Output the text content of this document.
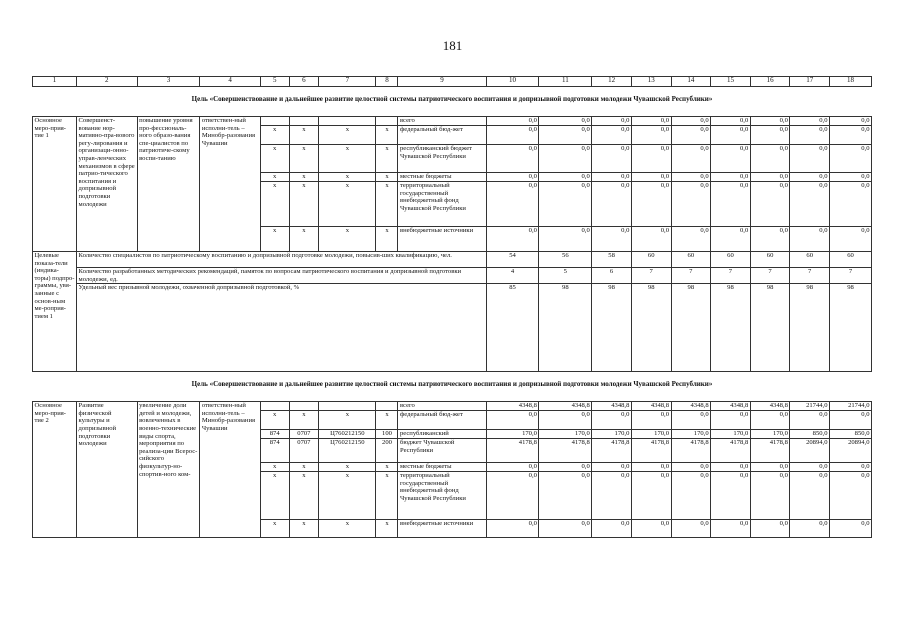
181
1	2	3	4	5	6	7	8	9	10	11	12	13	14	15	16	17	18
Цель «Совершенствование и дальнейшее развитие целостной системы патриотического воспитания и допризывной подготовки молодежи Чувашской Республики»																	
Основное меро-прия-тие 1	Совершенст-вование нор-мативно-пра-вового регу-лирования и организаци-онно-управ-ленческих механизмов в сфере патрио-тического воспитания и допризывной подготовки молодежи	повышение уровня про-фессиональ-ного образо-вания спе-циалистов по патриотиче-скому воспи-танию	ответствен-ный исполни-тель – Минобр-разования Чувашии					всего	0,0	0,0	0,0	0,0	0,0	0,0	0,0	0,0	0,0
				x	x	x	x	федеральный бюд-жет	0,0	0,0	0,0	0,0	0,0	0,0	0,0	0,0	0,0
				x	x	x	x	республиканский бюджет Чувашской Республики	0,0	0,0	0,0	0,0	0,0	0,0	0,0	0,0	0,0
				x	x	x	x	местные бюджеты	0,0	0,0	0,0	0,0	0,0	0,0	0,0	0,0	0,0
				x	x	x	x	территориальный государственный внебюджетный фонд Чувашской Республики	0,0	0,0	0,0	0,0	0,0	0,0	0,0	0,0	0,0
				x	x	x	x	внебюджетные источники	0,0	0,0	0,0	0,0	0,0	0,0	0,0	0,0	0,0
Целевые показа-тели (индика-торы) подпро-граммы, увя-занные с основ-ным ме-роприя-тием 1	Количество специалистов по патриотическому воспитанию и допризывной подготовке молодежи, повысив-ших квалификацию, чел.								54	56	58	60	60	60	60	60	60
	Количество разработанных методических рекомендаций, памяток по вопросам патриотического воспитания и допризывной подготовки молодежи, ед.								4	5	6	7	7	7	7	7	7
	Удельный вес призывной молодежи, охваченной допризывной подготовкой, %								85	98	98	98	98	98	98	98	98
Цель «Совершенствование и дальнейшее развитие целостной системы патриотического воспитания и допризывной подготовки молодежи Чувашской Республики»																	
Основное меро-прия-тие 2	Развитие физической культуры и допризывной подготовки молодежи	увеличение доли детей и молодежи, вовлеченных в военно-технические виды спорта, мероприятия по реализа-ции Всерос-сийского физкультур-но-спортив-ного ком-	ответствен-ный исполни-тель – Минобр-разования Чувашии					всего	4348,8	4348,8	4348,8	4348,8	4348,8	4348,8	4348,8	21744,0	21744,0
				x	x	x	x	федеральный бюд-жет	0,0	0,0	0,0	0,0	0,0	0,0	0,0	0,0	0,0
				874	0707	Ц760212150	100	республиканский	170,0	170,0	170,0	170,0	170,0	170,0	170,0	850,0	850,0
				874	0707	Ц760212150	200	бюджет Чувашской Республики	4178,8	4178,8	4178,8	4178,8	4178,8	4178,8	4178,8	20894,0	20894,0
				x	x	x	x	местные бюджеты	0,0	0,0	0,0	0,0	0,0	0,0	0,0	0,0	0,0
				x	x	x	x	территориальный государственный внебюджетный фонд Чувашской Республики	0,0	0,0	0,0	0,0	0,0	0,0	0,0	0,0	0,0
				x	x	x	x	внебюджетные источники	0,0	0,0	0,0	0,0	0,0	0,0	0,0	0,0	0,0
